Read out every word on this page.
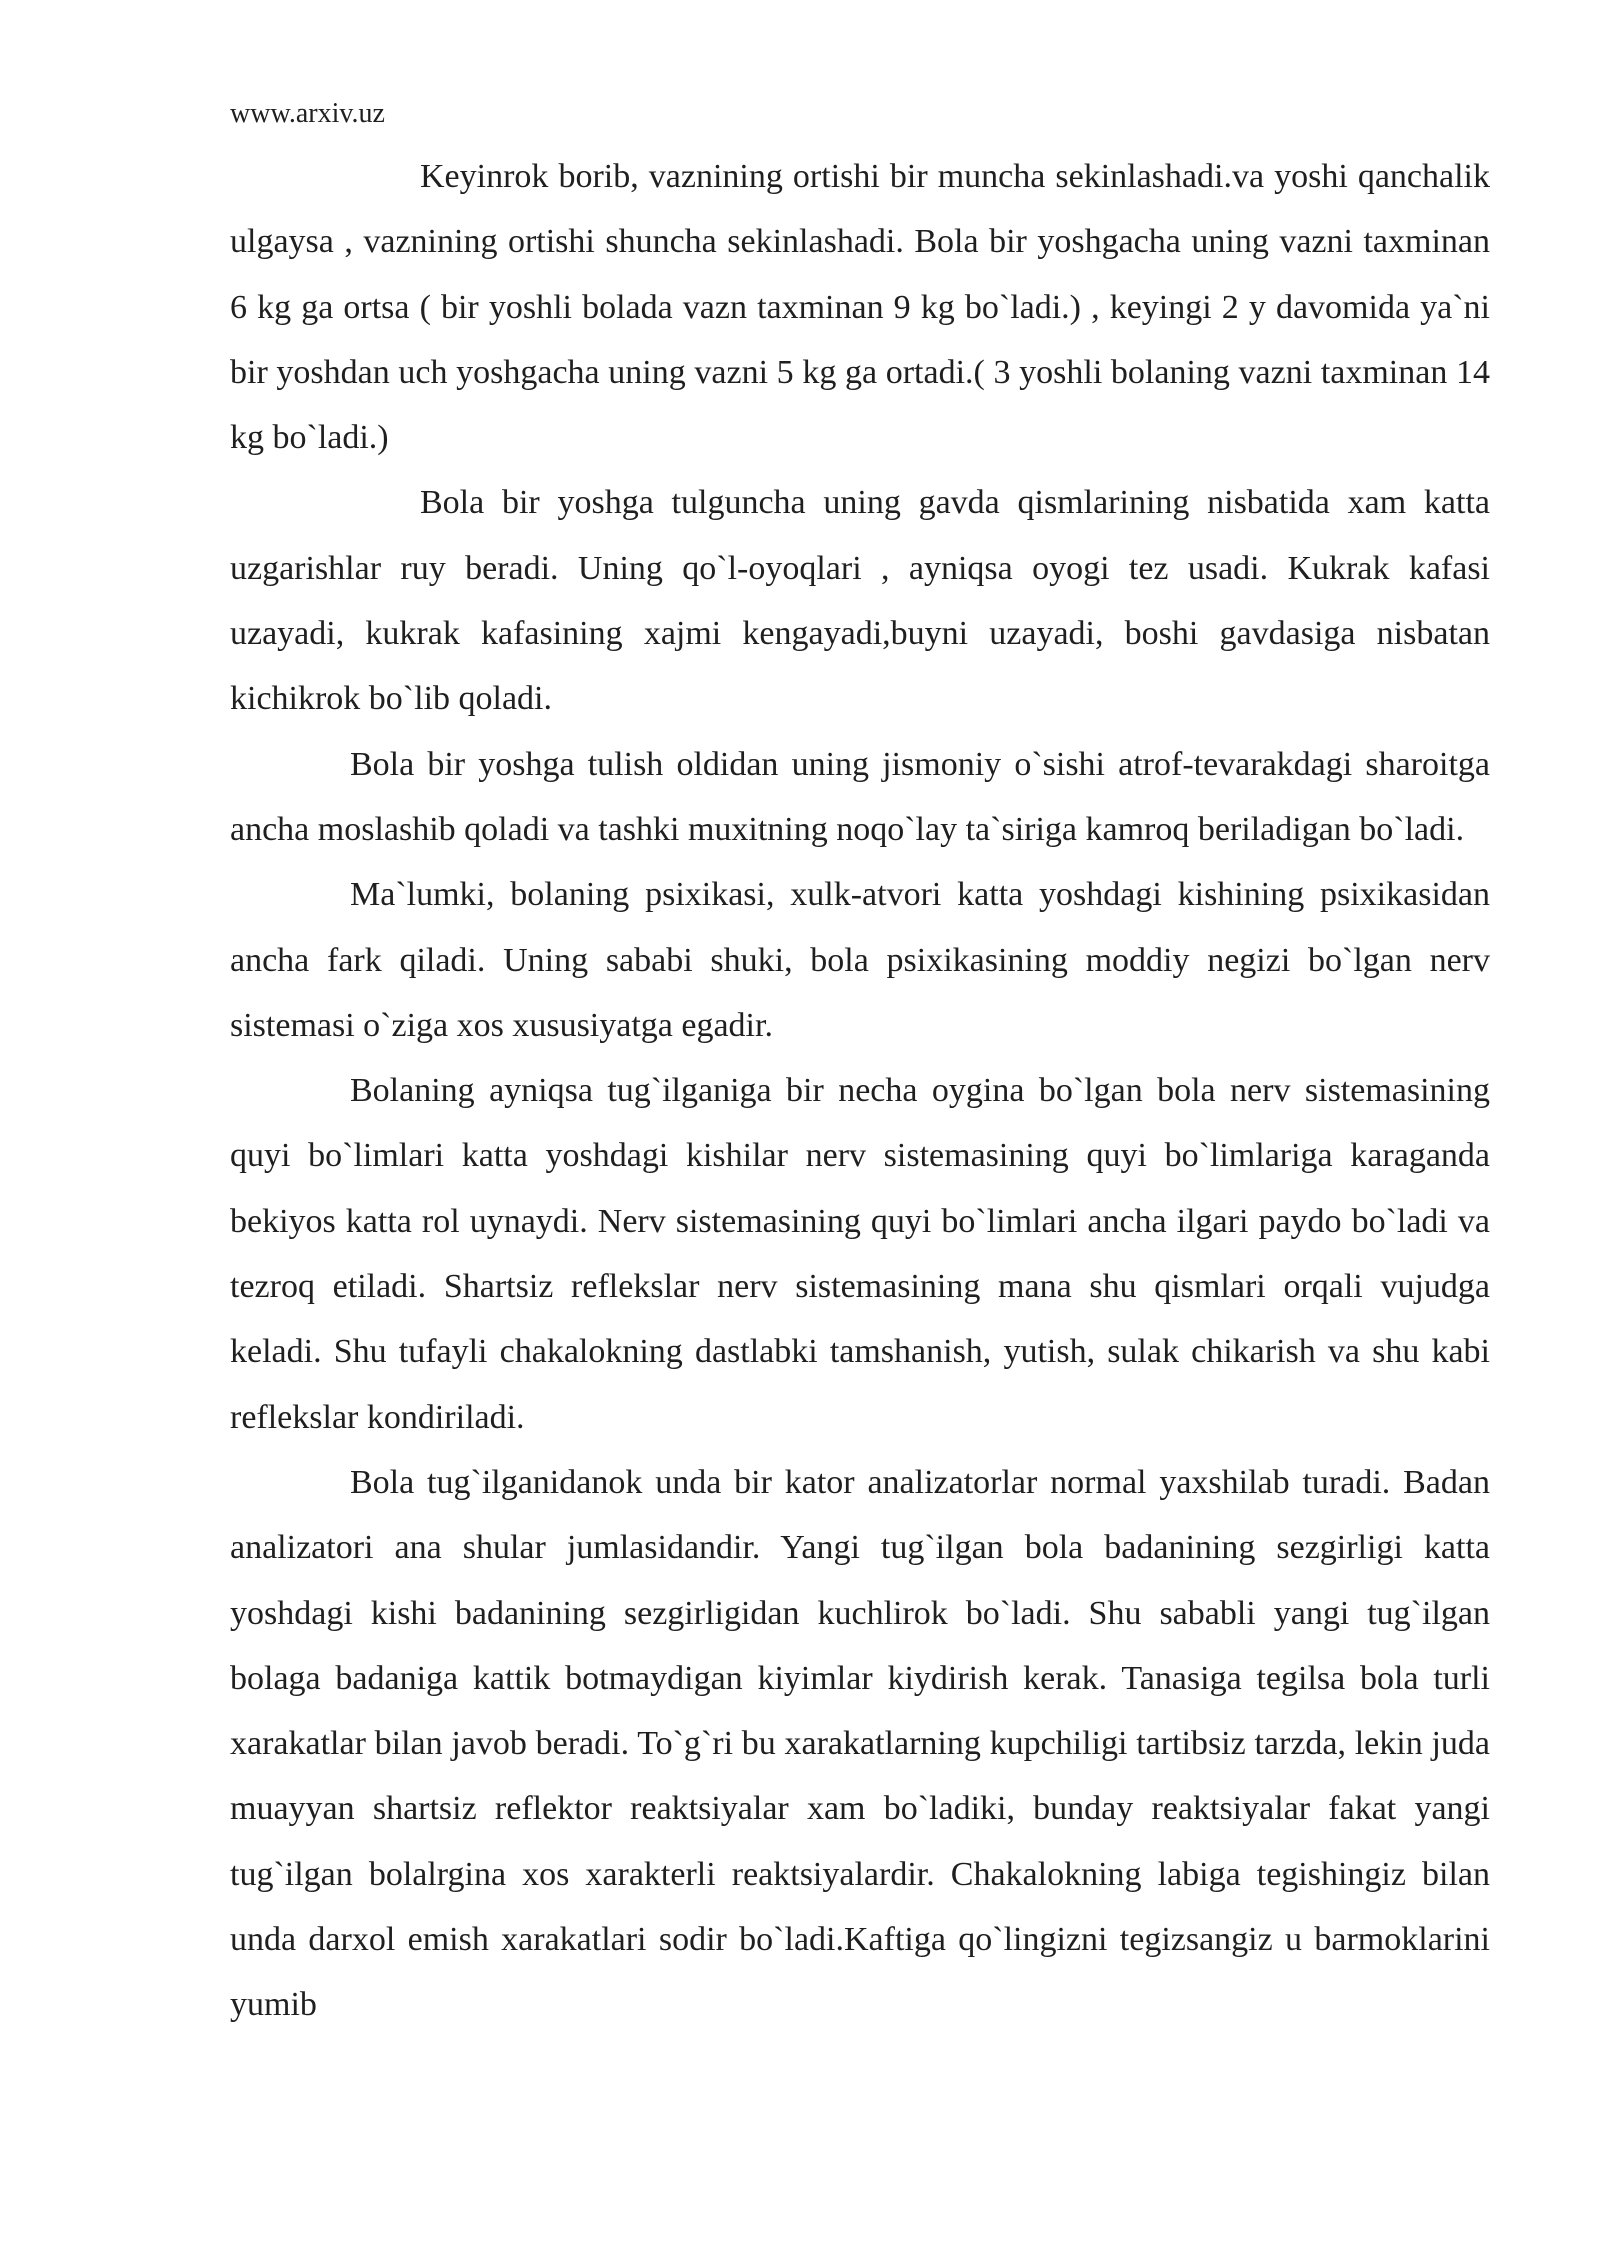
www.arxiv.uz

Keyinrok borib, vaznining ortishi bir muncha sekinlashadi.va yoshi qanchalik ulgaysa , vaznining ortishi shuncha sekinlashadi. Bola bir yoshgacha uning vazni taxminan 6 kg ga ortsa ( bir yoshli bolada vazn taxminan 9 kg bo`ladi.) , keyingi 2 y davomida ya`ni bir yoshdan uch yoshgacha uning vazni 5 kg ga ortadi.( 3 yoshli bolaning vazni taxminan 14 kg bo`ladi.)

Bola bir yoshga tulguncha uning gavda qismlarining nisbatida xam katta uzgarishlar ruy beradi. Uning qo`l-oyoqlari , ayniqsa oyogi tez usadi. Kukrak kafasi uzayadi, kukrak kafasining xajmi kengayadi,buyni uzayadi, boshi gavdasiga nisbatan kichikrok bo`lib qoladi.

Bola bir yoshga tulish oldidan uning jismoniy o`sishi atrof-tevarakdagi sharoitga ancha moslashib qoladi va tashki muxitning noqo`lay ta`siriga kamroq beriladigan bo`ladi.

Ma`lumki, bolaning psixikasi, xulk-atvori katta yoshdagi kishining psixikasidan ancha fark qiladi. Uning sababi shuki, bola psixikasining moddiy negizi bo`lgan nerv sistemasi o`ziga xos xususiyatga egadir.

Bolaning ayniqsa tug`ilganiga bir necha oygina bo`lgan bola nerv sistemasining quyi bo`limlari katta yoshdagi kishilar nerv sistemasining quyi bo`limlariga karaganda bekiyos katta rol uynaydi. Nerv sistemasining quyi bo`limlari ancha ilgari paydo bo`ladi va tezroq etiladi. Shartsiz reflekslar nerv sistemasining mana shu qismlari orqali vujudga keladi. Shu tufayli chakalokning dastlabki tamshanish, yutish, sulak chikarish va shu kabi reflekslar kondiriladi.

Bola tug`ilganidanok unda bir kator analizatorlar normal yaxshilab turadi. Badan analizatori ana shular jumlasidandir. Yangi tug`ilgan bola badanining sezgirligi katta yoshdagi kishi badanining sezgirligidan kuchlirok bo`ladi. Shu sababli yangi tug`ilgan bolaga badaniga kattik botmaydigan kiyimlar kiydirish kerak. Tanasiga tegilsa bola turli xarakatlar bilan javob beradi. To`g`ri bu xarakatlarning kupchiligi tartibsiz tarzda, lekin juda muayyan shartsiz reflektor reaktsiyalar xam bo`ladiki, bunday reaktsiyalar fakat yangi tug`ilgan bolalrgina xos xarakterli reaktsiyalardir. Chakalokning labiga tegishingiz bilan unda darxol emish xarakatlari sodir bo`ladi.Kaftiga qo`lingizni tegizsangiz u barmoklarini yumib
